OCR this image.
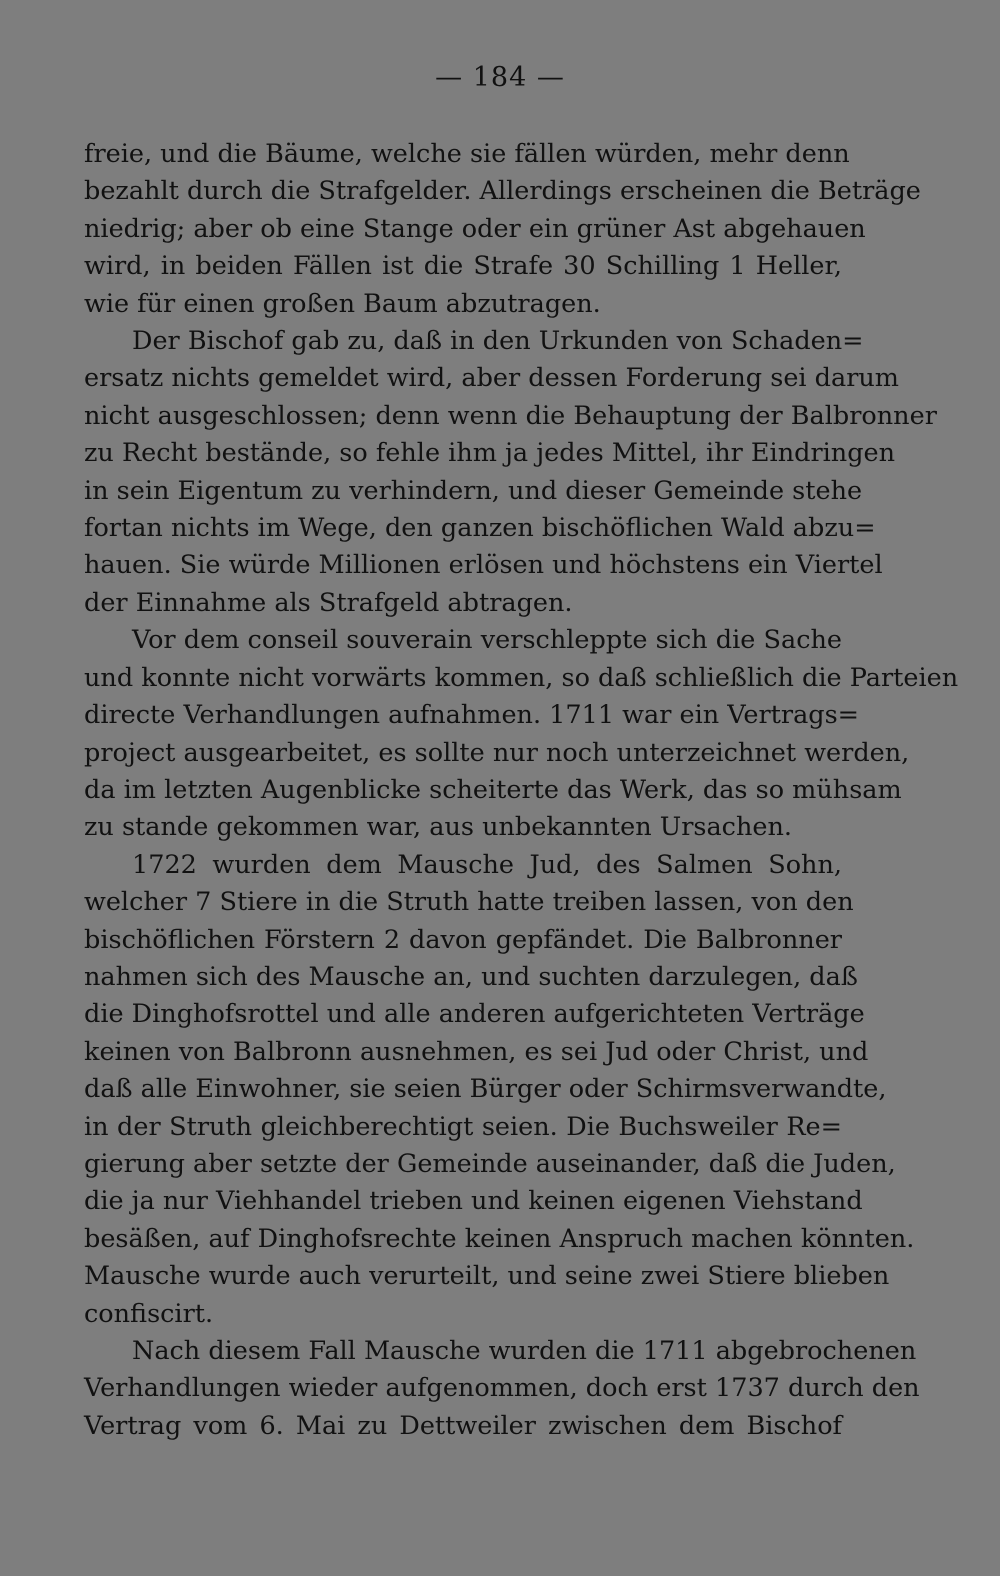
— 184 —

freie, und die Bäume, welche sie fällen würden, mehr denn
bezahlt durch die Strafgelder. Allerdings erscheinen die Beträge
niedrig; aber ob eine Stange oder ein grüner Ast abgehauen
wird, in beiden Fällen ist die Strafe 30 Schilling 1 Heller,
wie für einen großen Baum abzutragen.

Der Bischof gab zu, daß in den Urkunden von Schaden=
ersatz nichts gemeldet wird, aber dessen Forderung sei darum
nicht ausgeschlossen; denn wenn die Behauptung der Balbronner
zu Recht bestände, so fehle ihm ja jedes Mittel, ihr Eindringen
in sein Eigentum zu verhindern, und dieser Gemeinde stehe
fortan nichts im Wege, den ganzen bischöflichen Wald abzu=
hauen. Sie würde Millionen erlösen und höchstens ein Viertel
der Einnahme als Strafgeld abtragen.

Vor dem conseil souverain verschleppte sich die Sache
und konnte nicht vorwärts kommen, so daß schließlich die Parteien
directe Verhandlungen aufnahmen. 1711 war ein Vertrags=
project ausgearbeitet, es sollte nur noch unterzeichnet werden,
da im letzten Augenblicke scheiterte das Werk, das so mühsam
zu stande gekommen war, aus unbekannten Ursachen.

1722 wurden dem Mausche Jud, des Salmen Sohn,
welcher 7 Stiere in die Struth hatte treiben lassen, von den
bischöflichen Förstern 2 davon gepfändet. Die Balbronner
nahmen sich des Mausche an, und suchten darzulegen, daß
die Dinghofsrottel und alle anderen aufgerichteten Verträge
keinen von Balbronn ausnehmen, es sei Jud oder Christ, und
daß alle Einwohner, sie seien Bürger oder Schirmsverwandte,
in der Struth gleichberechtigt seien. Die Buchsweiler Re=
gierung aber setzte der Gemeinde auseinander, daß die Juden,
die ja nur Viehhandel trieben und keinen eigenen Viehstand
besäßen, auf Dinghofsrechte keinen Anspruch machen könnten.
Mausche wurde auch verurteilt, und seine zwei Stiere blieben
confiscirt.

Nach diesem Fall Mausche wurden die 1711 abgebrochenen
Verhandlungen wieder aufgenommen, doch erst 1737 durch den
Vertrag vom 6. Mai zu Dettweiler zwischen dem Bischof
